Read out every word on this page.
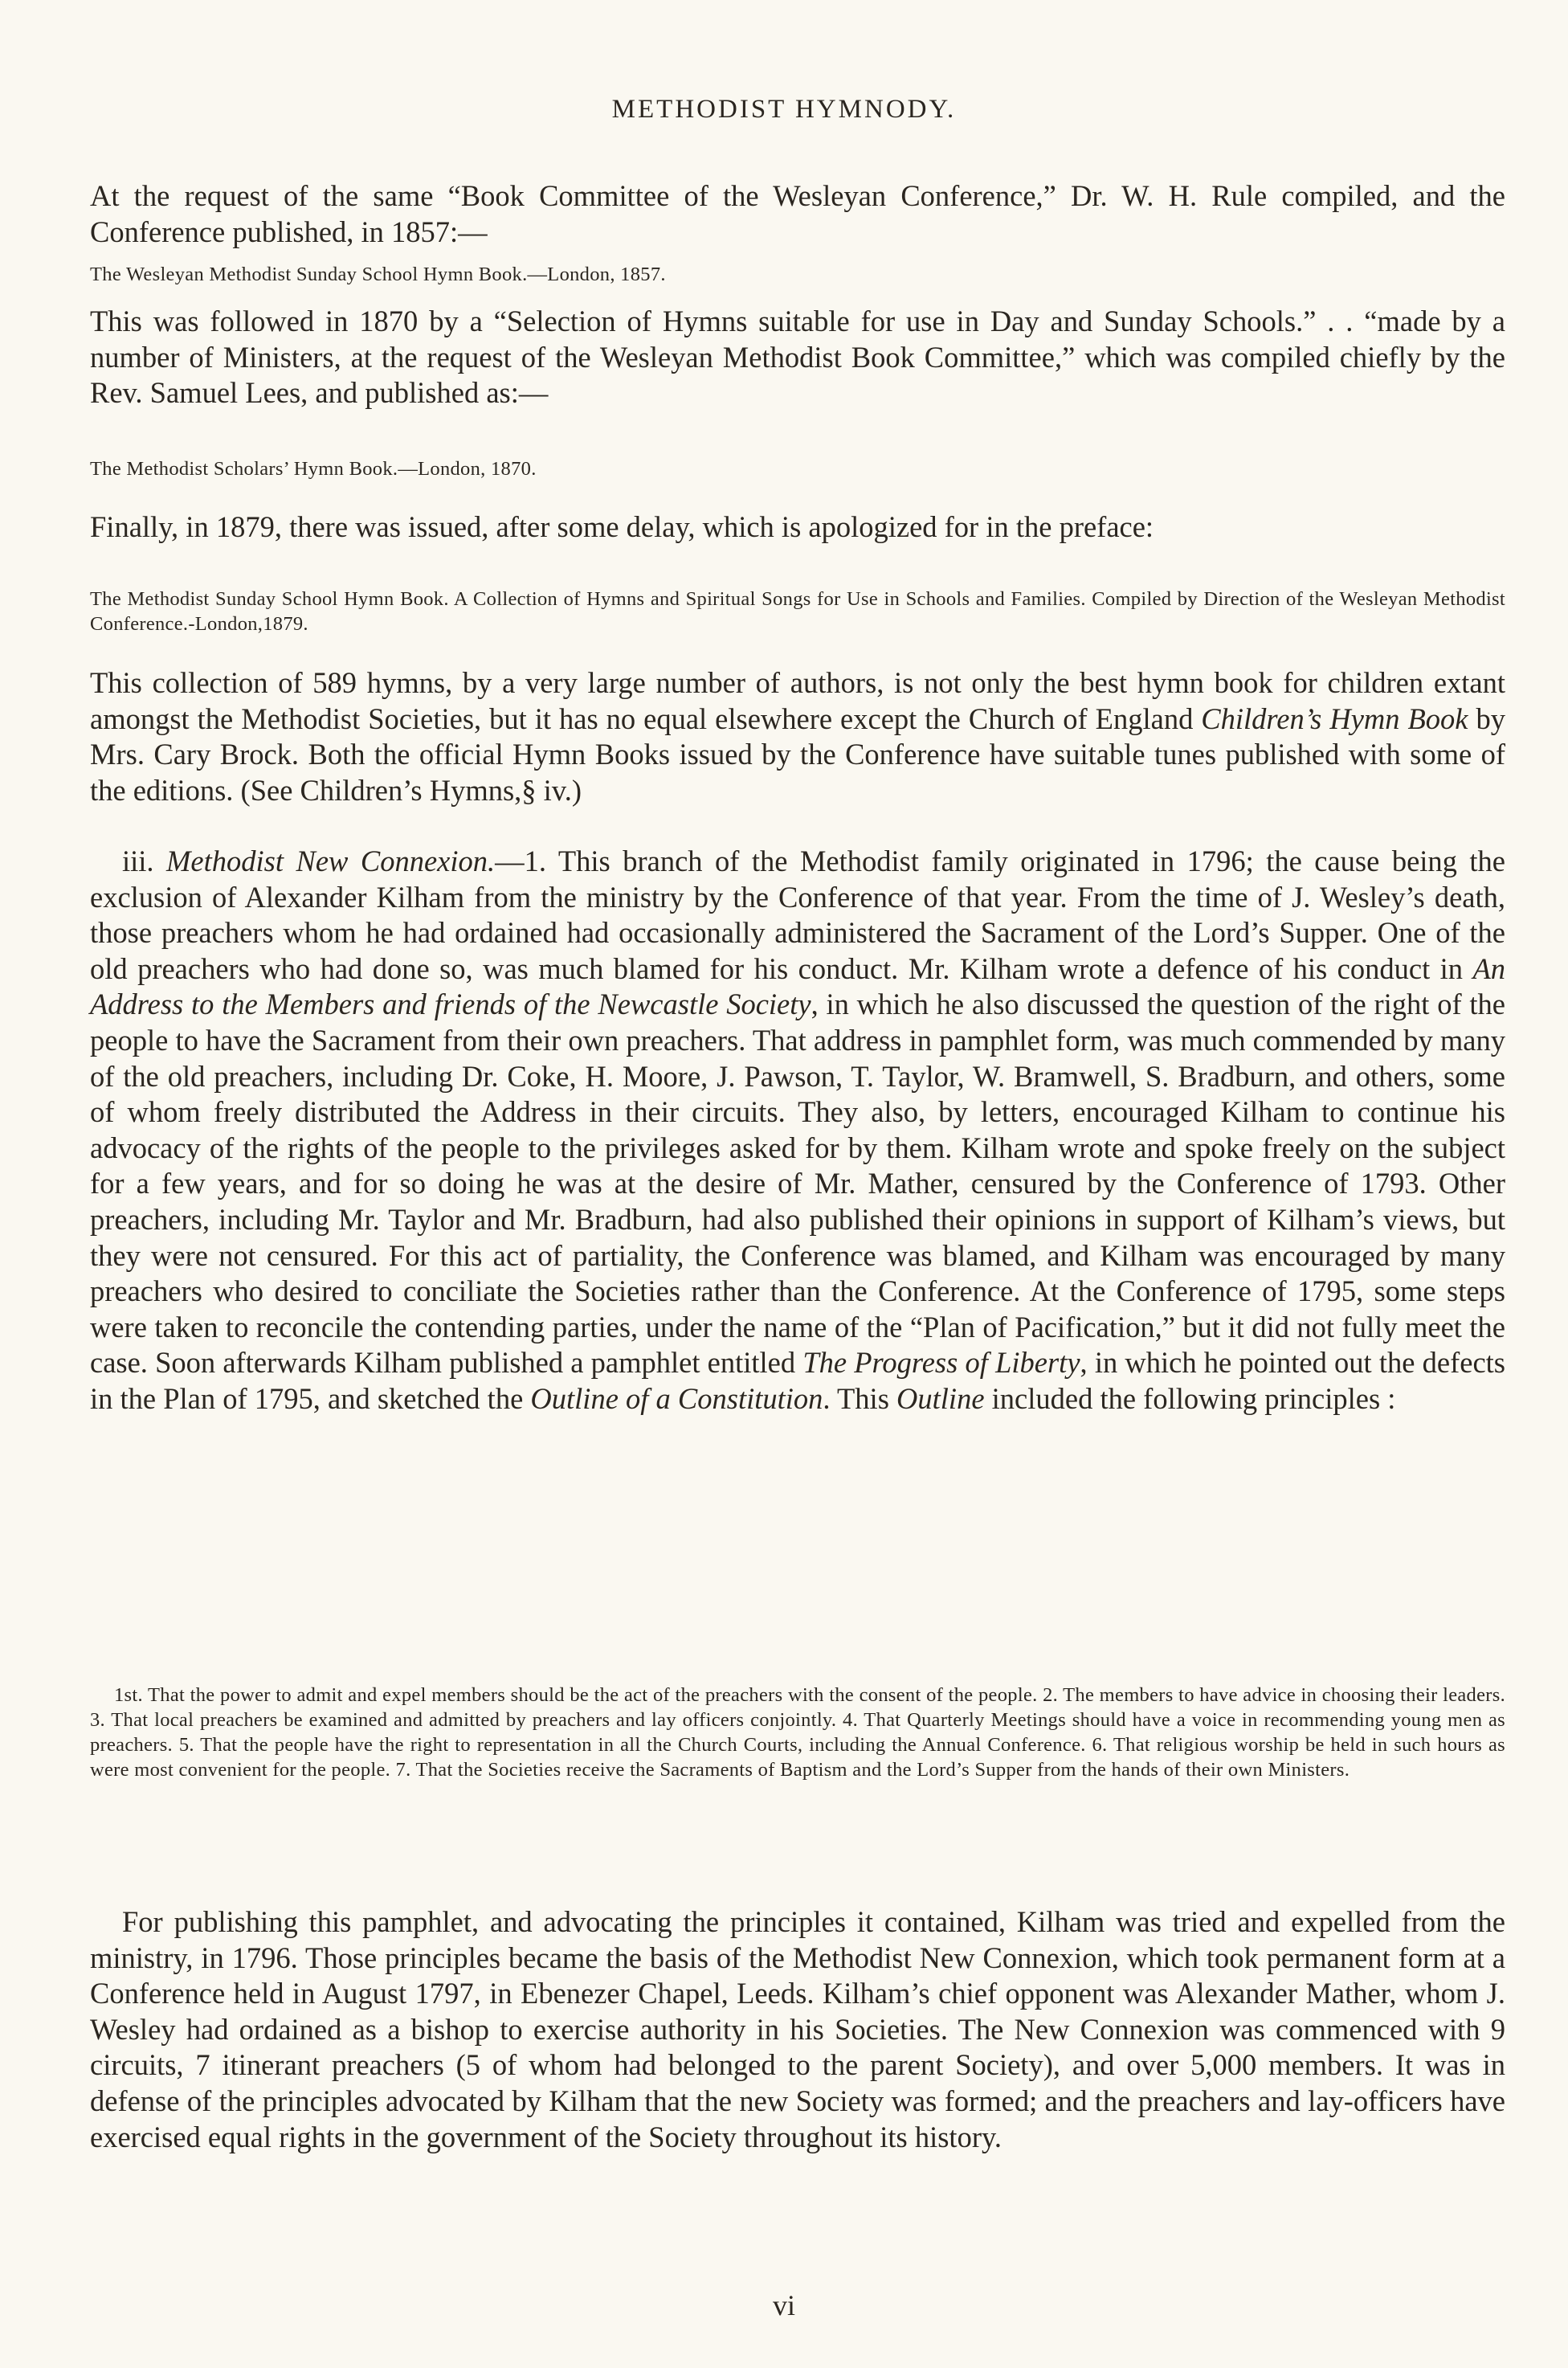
METHODIST HYMNODY.

At the request of the same “Book Committee of the Wesleyan Conference,” Dr. W. H. Rule compiled, and the Conference published, in 1857:—

The Wesleyan Methodist Sunday School Hymn Book.—London, 1857.

This was followed in 1870 by a “Selection of Hymns suitable for use in Day and Sunday Schools.” . . “made by a number of Ministers, at the request of the Wesleyan Methodist Book Committee,” which was compiled chiefly by the Rev. Samuel Lees, and published as:—

The Methodist Scholars’ Hymn Book.—London, 1870.

Finally, in 1879, there was issued, after some delay, which is apologized for in the preface:

The Methodist Sunday School Hymn Book. A Collection of Hymns and Spiritual Songs for Use in Schools and Families. Compiled by Direction of the Wesleyan Methodist Conference.-London,1879.

This collection of 589 hymns, by a very large number of authors, is not only the best hymn book for children extant amongst the Methodist Societies, but it has no equal elsewhere except the Church of England Children’s Hymn Book by Mrs. Cary Brock. Both the official Hymn Books issued by the Conference have suitable tunes published with some of the editions. (See Children’s Hymns,§ iv.)

iii. Methodist New Connexion.—1. This branch of the Methodist family originated in 1796; the cause being the exclusion of Alexander Kilham from the ministry by the Conference of that year. From the time of J. Wesley’s death, those preachers whom he had ordained had occasionally administered the Sacrament of the Lord’s Supper. One of the old preachers who had done so, was much blamed for his conduct. Mr. Kilham wrote a defence of his conduct in An Address to the Members and friends of the Newcastle Society, in which he also discussed the question of the right of the people to have the Sacrament from their own preachers. That address in pamphlet form, was much commended by many of the old preachers, including Dr. Coke, H. Moore, J. Pawson, T. Taylor, W. Bramwell, S. Bradburn, and others, some of whom freely distributed the Address in their circuits. They also, by letters, encouraged Kilham to continue his advocacy of the rights of the people to the privileges asked for by them. Kilham wrote and spoke freely on the subject for a few years, and for so doing he was at the desire of Mr. Mather, censured by the Conference of 1793. Other preachers, including Mr. Taylor and Mr. Bradburn, had also published their opinions in support of Kilham’s views, but they were not censured. For this act of partiality, the Conference was blamed, and Kilham was encouraged by many preachers who desired to conciliate the Societies rather than the Conference. At the Conference of 1795, some steps were taken to reconcile the contending parties, under the name of the “Plan of Pacification,” but it did not fully meet the case. Soon afterwards Kilham published a pamphlet entitled The Progress of Liberty, in which he pointed out the defects in the Plan of 1795, and sketched the Outline of a Constitution. This Outline included the following principles :

1st. That the power to admit and expel members should be the act of the preachers with the consent of the people. 2. The members to have advice in choosing their leaders. 3. That local preachers be examined and admitted by preachers and lay officers conjointly. 4. That Quarterly Meetings should have a voice in recommending young men as preachers. 5. That the people have the right to representation in all the Church Courts, including the Annual Conference. 6. That religious worship be held in such hours as were most convenient for the people. 7. That the Societies receive the Sacraments of Baptism and the Lord’s Supper from the hands of their own Ministers.

For publishing this pamphlet, and advocating the principles it contained, Kilham was tried and expelled from the ministry, in 1796. Those principles became the basis of the Methodist New Connexion, which took permanent form at a Conference held in August 1797, in Ebenezer Chapel, Leeds. Kilham’s chief opponent was Alexander Mather, whom J. Wesley had ordained as a bishop to exercise authority in his Societies. The New Connexion was commenced with 9 circuits, 7 itinerant preachers (5 of whom had belonged to the parent Society), and over 5,000 members. It was in defense of the principles advocated by Kilham that the new Society was formed; and the preachers and lay-officers have exercised equal rights in the government of the Society throughout its history.

vi
